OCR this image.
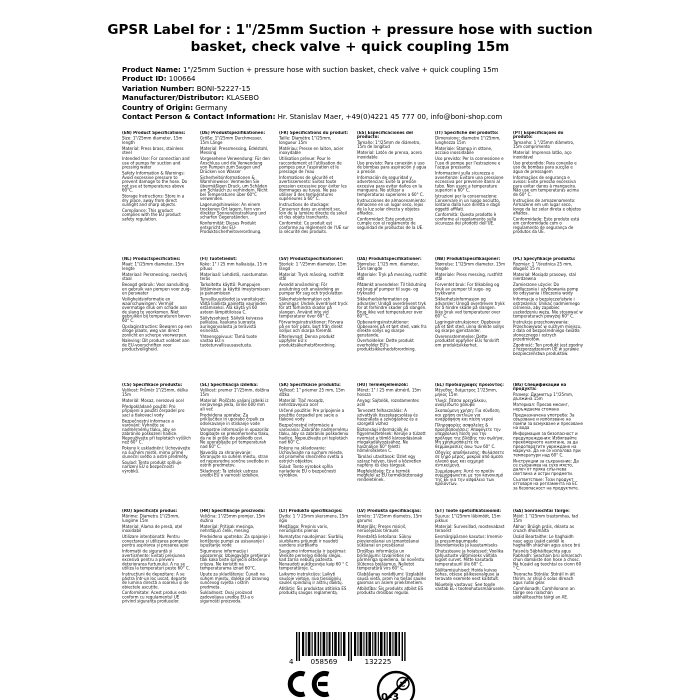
GPSR Label for : 1"/25mm Suction + pressure hose with suction
basket, check valve + quick coupling 15m
Product Name: 1"/25mm Suction + pressure hose with suction basket, check valve + quick coupling 15m
Product ID: 100664
Variation Number: BONI-52227-15
Manufacturer/Distributor: KLASEBO
Country of Origin: Germany
Contact Person & Contact Information: Hr. Stanislav Maer, +49(0)4221 45 777 00, info@boni-shop.com
(EN) Product Specifications:
Size: 1"/25mm diameter, 15m length
Material: Press brass, stainless steel
Intended Use: For connection and use of pumps for suction and pressing water
Safety Information & Warnings: Avoid excessive pressure to prevent damage to the hose. Do not use at temperatures above 60°C.
Storage Instructions: Store in a dry place, away from direct sunlight and sharp objects.
Compliance: This product complies with the EU product safety regulation.
(DE) Produktspezifikationen:
Größe: 1"/25mm Durchmesser, 15m Länge
Material: Pressmessing, Edelstahl, Messing
Vorgesehene Verwendung: Für den Anschluss und die Verwendung von Pumpen zum Saugen und Drücken von Wasser
Sicherheitsinformationen & Warnhinweise: Vermeiden Sie übermäßigen Druck, um Schäden am Schlauch zu verhindern. Nicht bei Temperaturen über 60°C verwenden.
Lagerungshinweise: An einem trockenen Ort lagern, fern von direkter Sonneneinstrahlung und scharfen Gegenständen.
Konformität: Dieses Produkt entspricht der EU-Produktsicherheitsverordnung.
(FR) Spécifications du produit:
Taille: Diamètre 1"/25mm, longueur 15m
Matériau: Presse en laiton, acier inoxydable
Utilisation prévue: Pour le raccordement et l'utilisation de pompes pour l'aspiration et le pressage de l'eau
Informations de sécurité et avertissements: Évitez toute pression excessive pour éviter les dommages au tuyau. Ne pas utiliser à des températures supérieures à 60° C.
Instructions de stockage: Conserver dans un endroit sec, loin de la lumière directe du soleil et des objets tranchants.
Conformité: Ce produit est conforme au règlement de l'UE sur la sécurité des produits.
(ES) Especificaciones del producto:
Tamaño: 1"/25mm de diámetro, 15m de longitud
Material: Latón de prensa, acero inoxidable
Uso previsto: Para conexión y uso de bombas para aspiración y agua a presión
Información de seguridad y advertencias: Evite la presión excesiva para evitar daños en la manguera. No utilizar a temperaturas superiores a 60° C.
Instrucciones de almacenamiento: Almacene en un lugar seco, lejos de la luz solar directa y objetos afilados.
Conformidad: Este producto cumple con el reglamento de seguridad de productos de la UE.
(IT) Specifiche del prodotto:
Dimensione: diametro 1"/25mm, lunghezza 15m
Materiale: Stampa in ottone, acciaio inossidabile
Uso previsto: Per la connessione e l'uso di pompe per l'estrazione e l'acqua pressante
Informazioni sulla sicurezza e avvertenze: Evitare una pressione eccessiva per prevenire danni al tubo. Non usare a temperature superiori a 60° C.
Istruzioni per la conservazione: Conservare in un luogo asciutto, lontano dalla luce diretta e dagli oggetti affilati.
Conformità: Questo prodotto è conforme al regolamento sulla sicurezza dei prodotti dell'UE.
(PT) Especificações do produto:
Tamanho: 1 "/25mm diâmetro, 15m comprimento
Material: Imprensa latão, aço inoxidável
Uso pretendido: Para conexão e uso de bombas para sucção e água de pressagem
Informações de segurança e avisos: Evite pressão excessiva para evitar danos à mangueira. Não use em temperaturas acima de 60° C.
Instruções de armazenamento: Armazene em um lugar seco, longe da luz solar direta e objetos afiados.
Conformidade: Este produto está em conformidade com o regulamento de segurança de produtos da UE.
(NL) Productspecificaties:
Maat: 1"/25mm diameter, 15m lengte
Materiaal: Persmessing, roestvrij staal
Beoogd gebruik: Voor aansluiting en gebruik van pompen voor zuig- en perswater
Veiligheidsinformatie en waarschuwingen: Vermijd overmatige druk om schade aan de slang te voorkomen. Niet gebruiken bij temperaturen boven 60° C.
Opslaginstructies: Bewaren op een droge plaats, weg van direct zonlicht en scherpe voorwerpen.
Naleving: Dit product voldoet aan de EU-voorschriften voor productveiligheid.
(FI) Tuotetiedot:
Koko: 1" / 25 mm halkaisija, 15 m pituus
Materiaali: Lehdistö, ruostumaton teräs
Tarkoitettu käyttö: Pumppujen liittäminen ja käyttö imeytymiseen ja painamiseen
Turvallisuustiedot ja varoitukset: Vältä liiallista painetta vaurioiden estämiseksi. Älä käytä yli 60 asteen lämpötiloissa C.
Säilytysohjeet: Säilytä kuivassa paikassa, kaukana suorasta auringonvalosta ja terävistä esineistä.
Yhteensopivuus: Tämä tuote vastaa EU:n tuoteturvallisuusasetusta.
(SV) Produktspecifikationer:
Storlek: 1 "/25mm diameter, 15m längd
Material: Tryck mässing, rostfritt stål
Avsedd användning: För anslutning och användning av pumpar för sug och tryckvatten
Säkerhetsinformation och varningar: Undvik överdrivet tryck för att förhindra skador på slangen. Använd inte vid temperaturer över 60° C.
Förvaringsinstruktioner: Förvara på en torr plats, bort från direkt solljus och skarpa föremål.
Efterlevnad: Denna produkt uppfyller EU:s produktsäkerhetsförordning.
(DA) Produktspecifikationer:
Størrelse: 1"/25 mm. diameter, 15m længde
Materiale: Tryk på messing, rustfrit stål
Påtænkt anvendelse: Til tilslutning og brug af pumper til suge- og trykvand
Sikkerhedsinformation og advarsler: Undgå overdrevent tryk for at forhindre skader på slangen. Brug ikke ved temperaturer over 60° C.
Opbevaringsinstruktioner: Opbevares på et tørt sted, væk fra direkte sollys og skarpe genstande.
Overholdelse: Dette produkt overholder EU's produktsikkerhedsforordning.
(NB) Produktspesifikasjoner:
Størrelse: 1"/25mm diameter, 15m lengde
Materiale: Press messing, rustfritt stål
Forventet bruk: For tilkobling og bruk av pumper til suge- og trykkvann
Sikkerhetsinformasjon og advarsler: Unngå overdreven trykk for å hindre skade på slangen. Ikke bruk ved temperaturer over 60° C.
Lagringsinstruksjoner: Oppbevar på et tørt sted, unna direkte sollys og skarpe gjenstander.
Overensstemmelse: Dette produktet oppfyller EUs forskrift om produktsikkerhet.
(PL) Specyfikacje produktu:
Rozmiar: 1 "/średnica 25 mm, długość 15 m
Materiał: Mosiądz prasowy, stal nierdzewna
Zamierzone użycie: Do podłączania i użytkowania pomp do odsysania i tłoczenia wody
Informacje o bezpieczeństwie i ostrzeżenia: Unikać nadmiernego ciśnienia, aby zapobiec uszkodzeniu węża. Nie stosować w temperaturach powyżej 60° C.
Instrukcje przechowywania: Przechowywać w suchym miejscu, z dala od bezpośredniego światła słonecznego i ostrych przedmiotów.
Zgodność: Ten produkt jest zgodny z rozporządzeniem UE w sprawie bezpieczeństwa produktów.
(CS) Specifikace produktu:
Velikost: Průměr 1"/25mm, délka 15m
Materiál: Mosaz, nerezová ocel
Předpokládané použití: Pro připojení a použití čerpadel pro sací a tlakovací vody
Bezpečnostní informace a varování: Vyhněte se nadměrnému tlaku, aby se zabránilo poškození hadice. Nepoužívejte při teplotách vyšších než 60° C.
Pokyny k uskladnění: Uchovávejte na suchém místě, mimo přímé sluneční světlo a ostré předměty.
Soulad: Tento produkt splňuje nařízení EU o bezpečnosti výrobků.
(SL) Specifikacija izdelka:
Velikost: premer 1"/25mm, dolžina 15m
Material: Ploščato valjani izdelki iz nerjavnega jekla, širine 600 mm ali več
Predvidena uporaba: Za priključitev in uporabo črpalk za odsesavanje in stiskanje vode
Varnostne informacije in opozorila: Izogibajte se prekomernemu tlaku, da ne bi prišlo do poškodb cevi. Ne uporabljajte pri temperaturah nad 60° C.
Navodila za shranjevanje: Shranjujte na suhem mestu, stran od neposredne sončne svetlobe in ostrih predmetov.
Skladnost: Ta izdelek ustreza uredbi EU o varnosti izdelkov.
(SK) Špecifikácie produktu:
Veľkosť: 1" priemer 25 mm, 15m dĺžka
Materiál: Tlač mosadz, nehrdzavejúca oceľ
Určené použitie: Pre pripojenie a použitie čerpadiel pre sacie a tlakové vody
Bezpečnostné informácie a varovania: Zabráňte nadmernému tlaku, aby sa zabránilo poškodeniu hadice. Nepoužívajte pri teplotách nad 60° C.
Pokyny na skladovanie: Uchovávajte na suchom mieste, od priameho slnečného svetla a ostrých objektov.
Súlad: Tento výrobok spĺňa nariadenie EÚ o bezpečnosti výrobkov.
(HU) Termékjellemzők:
Méret: 1" / 25 mm átmérő, 15m hossza
Anyag: Sajtolók, rozsdamentes acél
Tervezett felhasználás: A szivattyúk összekapcsolása és használata a szívógáshoz és a szorgető vízhez
Biztonsági információk és figyelmeztetések: Kerülje a túlzott nyomást a tömlő károsodásának megakadályozásához. Ne használjon 60° feletti hőmérsékleten C.
Tárolási utasítások: Üzlet egy száraz helyen, távol a közvetlen napfény és éles tárgyak.
Megfelelőség: Ez a termék megfelel az EU termékbiztonsági rendeletének.
(EL) Προδιαγραφές προϊόντος:
Μέγεθος: διάμετρος 1"/25mm, μήκος 15m
Υλικό: Πέσσα ορειχάλκου, ανοξείδωτο χάλυβα
Σκοπούμενη χρήση: Για σύνδεση και χρήση αντλιών για αναρρόφηση και πίεση νερού
Πληροφορίες ασφαλείας & προειδοποιήσεις: Αποφύγετε την υπερβολική πίεση για την πρόληψη της βλάβης του σωλήνα. Μη χρησιμοποιείτε σε θερμοκρασίες άνω των 60° C.
Οδηγίες αποθήκευσης: Φυλάσσετε σε ξηρό μέρος, μακριά από άμεσο ηλιακό φως και αιχμηρά αντικείμενα.
Συμμόρφωση: Αυτό το προϊόν συμμορφώνεται με τον κανονισμό της ΕΕ για την ασφάλεια των προϊόντων.
(BG) Спецификации на продукта:
Размер: Диаметър 1"/25mm, дължина 15m
Материал: Пресов месинг, неръждаема стомана
Предназначена употреба: За свързване и използване на помпи за всмукване и пресоване на вода
Информация за безопасност и предупреждения: Избягвайте прекомерното налягане, за да предотвратите увреждане на маркуча. Да не се използва при температури над 60° C.
Инструкции за съхранение: Да се съхранява на сухо място, далеч от пряка слънчева светлина и остри предмети.
Съответствие: Този продукт отговаря на регламента на ЕС за безопасност на продуктите.
(RO) Specificații produs:
Mărime: Diametru 1"/25mm, lungime 15m
Material: Alama de presă, oțel inoxidabil
Utilizare intenționată: Pentru conectarea și utilizarea pompelor pentru aspirarea și presarea apei
Informații de siguranță și avertismente: Evitați presiunea excesivă pentru a preveni deteriorarea furtunului. A nu se utiliza la temperaturi peste 60° C.
Instrucțiuni de depozitare: A se păstra într-un loc uscat, departe de lumina directă a soarelui și de obiectele ascuțite.
Conformitate: Acest produs este conform cu regulamentul UE privind siguranța produselor.
(HR) Specifikacije proizvoda:
Veličina: 1"/25mm promjer, 15m dužina
Materijal: Pritisak mesinga, nehrđajući čelik, mesing
Predviđena upotreba: Za spajanje i korištenje pumpi za usisavanje i ispuštanje vode
Sigurnosne informacije i upozorenja: Izbjegavajte pretjerani tlak kako biste spriječili oštećenje crijeva. Ne koristiti na temperaturama iznad 60°C.
Upute za skladištenje: Čuvati na suhom mjestu, daleko od izravnog sunčevog svjetla i oštrih predmeta.
Sukladnost: Ovaj proizvod zadovoljava uredbu EU-a o sigurnosti proizvoda.
(LT) Produkto specifikacijos:
Dydis: 1 "/ 25mm skersmens, 15m ilgio
Medžiaga: Presinis varis, nerūdijantis plienas
Numatytas naudojimas: Siurblių siurbliams prijungti ir naudoti vandens siurbliams
Saugumo informacija ir įspėjimai: Venkite pernelyg didelio slėgio, kad žarna nebūtų pažeista. Nenaudoti aukštesnėje kaip 60 ° C temperatūroje. C.
Laikymo instrukcijos: Laikyti sausoje vietoje, nuo tiesioginių saulės spindulių ir aštrių daiktų.
Atitiktis: Šis produktas atitinka ES produktų saugos reglamentą.
(LV) Produkta specifikācijas:
Izmērs: 1"/25mm diametrs, 15m garums
Materiāls: Preses misiņš, nerūsējošais tērauds
Paredzētā lietošana: Sūkņu pievienošanai un izmantošanai sūkšanai un presēšanai
Drošības informācija un brīdinājumi: Izvairieties no pārmērīga spiediena, lai novērstu šļūtenes bojājumus. Nelietot temperatūrā virs 60° C.
Glabāšanas norādījumi: Uzglabāt sausā vietā, prom no tiešas saules gaismas un asiem priekšmetiem.
Atbilstība: Šis produkts atbilst ES produktu drošības regulai.
(ET) Toote spetsifikatsioonid:
Suurus: 1"/25mm läbimõõt, 15m pikkus
Materjal: Survesillad, roostevabast terasest
Eesmärgipärane kasutus: Imemis- ja pressimispumpade ühendamiseks ja kasutamiseks
Ohutusteave ja hoiatused: Voolika kahjustuste vältimiseks vältida liigset survet. Mitte kasutada temperatuuril üle 60° C.
Säilitamisjuhised: Hoida kuivas kohas, otsese päikesevalguse ja teravate esemete eest kaitstult.
Nõuetele vastavus: See toode vastab EL-i tooteohutusmäärusele.
(GA) Sonraíochtaí Táirge:
Méid: 1 "/25mm trastomhas, fad 15m
Ábhar: Brúigh práis, déanta as cruach dhosmálta
Úsáid Beartaithe: Le haghaidh nasc agus úsáid caidéil le haghaidh sháchán agus uisce brú
Faisnéis Sábháilteachta agus Rabhadh: Seachain brú iomarcach chun damáiste don hose a chosc. Ná húsáid ag teochtaí os cionn 60 ° C.
Treoracha Stórála: Stóráil in áit thirim, ar shiúl ó solas díreach agus rudaí géar.
Comhlíonadh: Comhlíonann an táirge seo rialachán sábháilteachta táirgí an AE.
4 058569	132225
0-3
